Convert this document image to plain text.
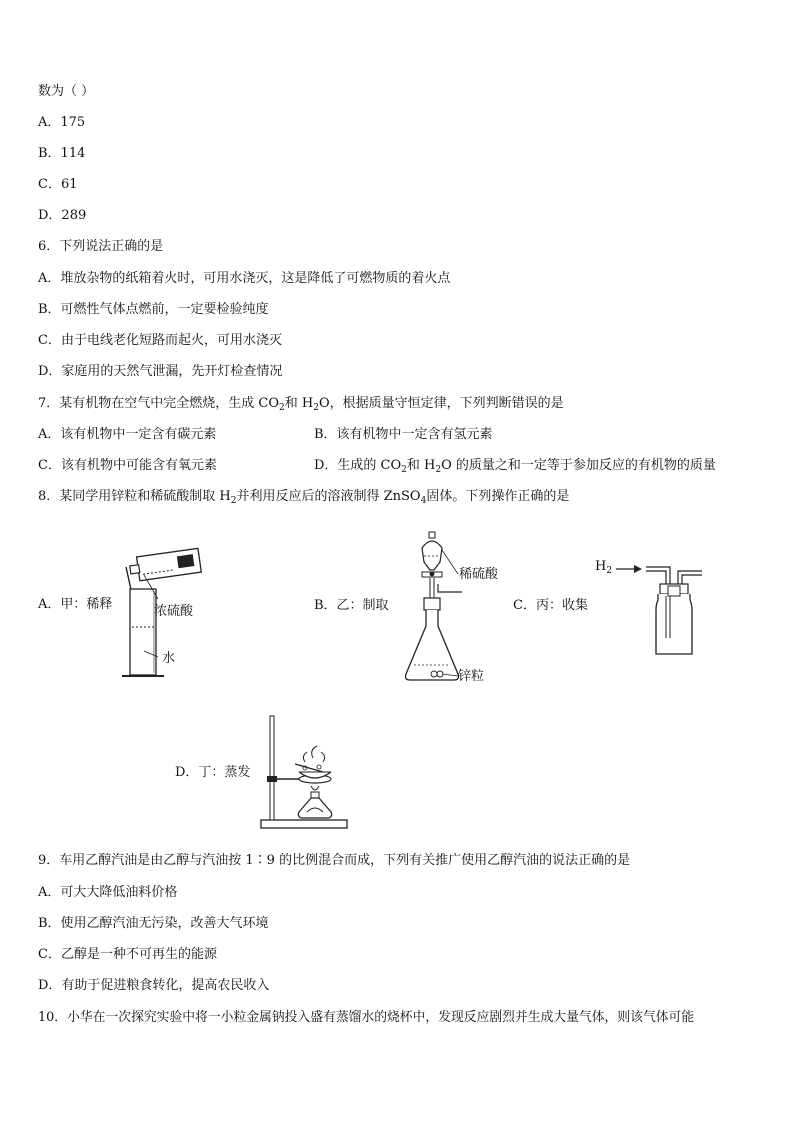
数为（ ）
A．175
B．114
C．61
D．289
6．下列说法正确的是
A．堆放杂物的纸箱着火时，可用水浇灭，这是降低了可燃物质的着火点
B．可燃性气体点燃前，一定要检验纯度
C．由于电线老化短路而起火，可用水浇灭
D．家庭用的天然气泄漏，先开灯检查情况
7．某有机物在空气中完全燃烧，生成 $CO_2$和 $H_2O$，根据质量守恒定律，下列判断错误的是
A．该有机物中一定含有碳元素	B．该有机物中一定含有氢元素
C．该有机物中可能含有氧元素	D．生成的 $CO_2$和 $H_2O$ 的质量之和一定等于参加反应的有机物的质量
8．某同学用锌粒和稀硫酸制取 $H_2$并利用反应后的溶液制得 ZnSO$_4$固体。下列操作正确的是
A．甲：稀释	浓硫酸
水
B．乙：制取
稀硫酸
锌粒
C．丙：收集
$H_2$
D．丁：蒸发
9．车用乙醇汽油是由乙醇与汽油按 1∶9 的比例混合而成，下列有关推广使用乙醇汽油的说法正确的是
A．可大大降低油料价格
B．使用乙醇汽油无污染，改善大气环境
C．乙醇是一种不可再生的能源
D．有助于促进粮食转化，提高农民收入
10．小华在一次探究实验中将一小粒金属钠投入盛有蒸馏水的烧杯中，发现反应剧烈并生成大量气体，则该气体可能
